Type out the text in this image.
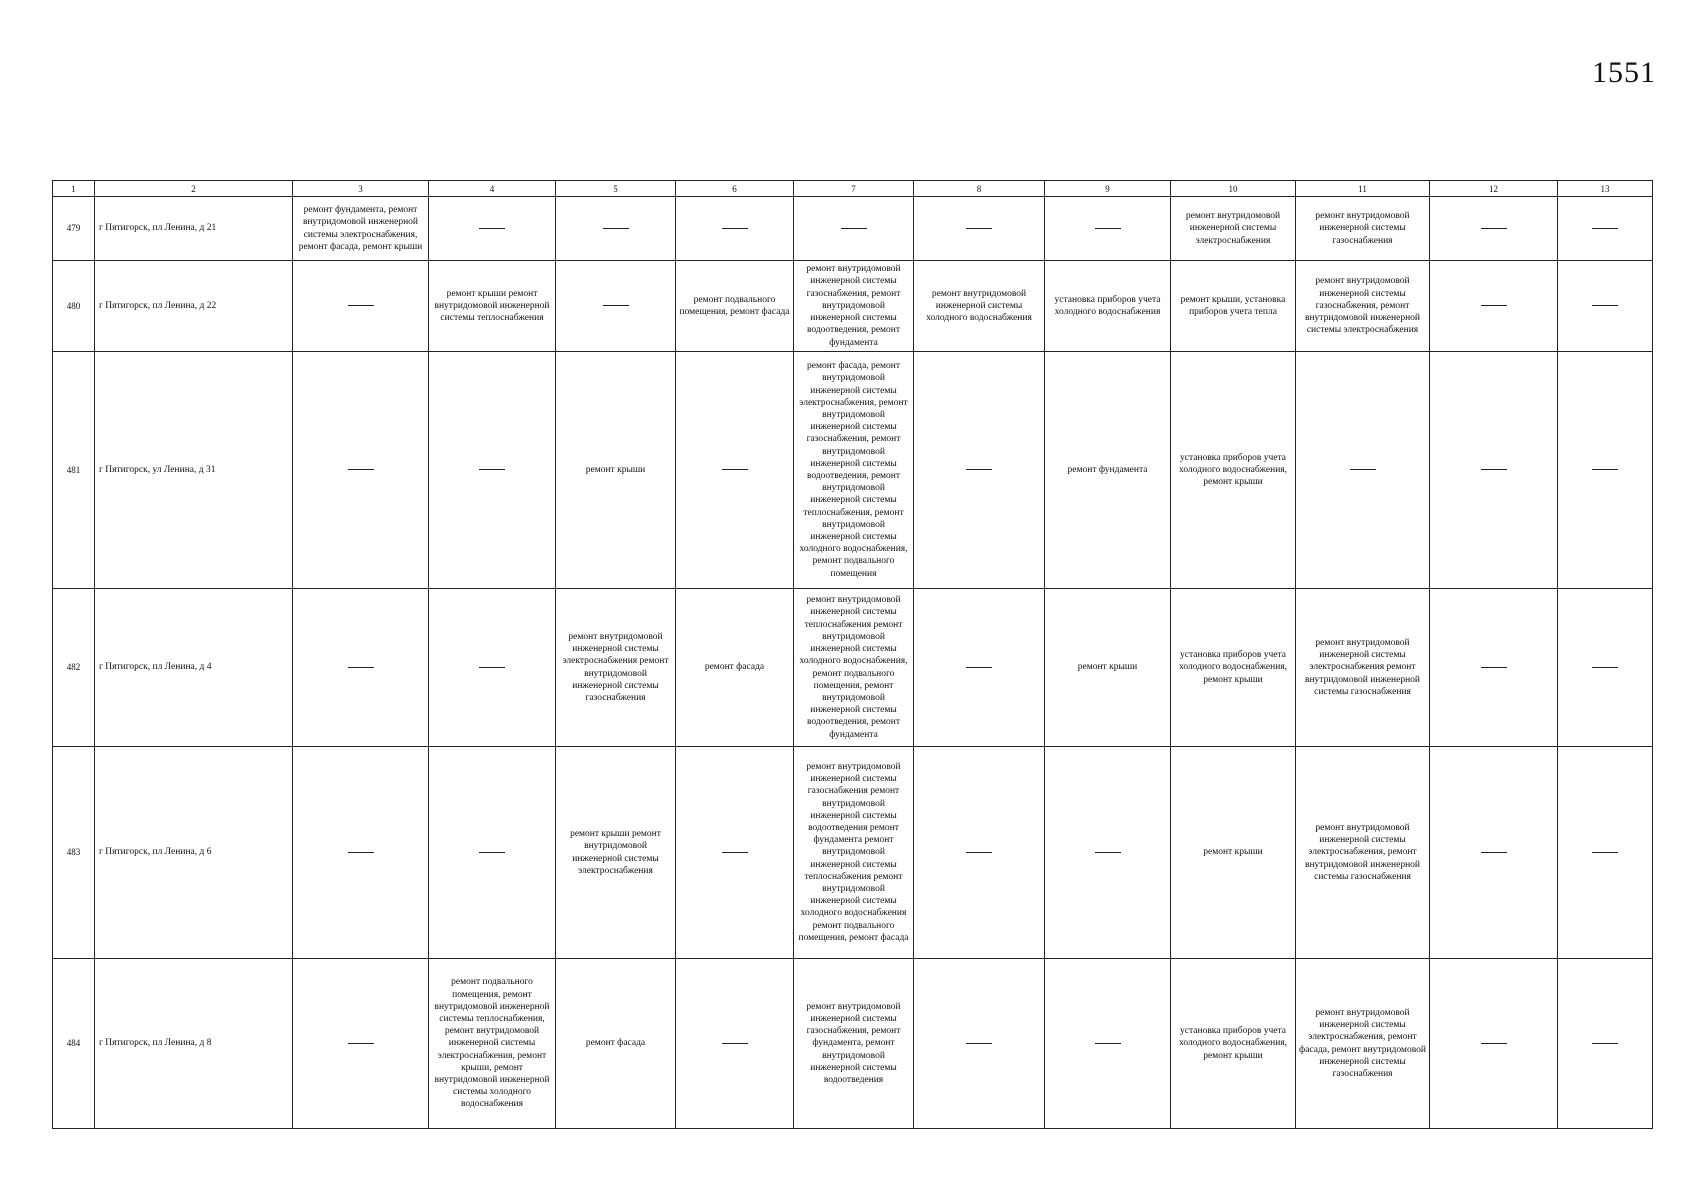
1551
1	2	3	4	5	6	7	8	9	10	11	12	13
479	г Пятигорск, пл Ленина, д 21	ремонт фундамента, ремонт внутридомовой инженерной системы электроснабжения, ремонт фасада, ремонт крыши							ремонт внутридомовой инженерной системы электроснабжения	ремонт внутридомовой инженерной системы газоснабжения		
480	г Пятигорск, пл Ленина, д 22		ремонт крыши ремонт внутридомовой инженерной системы теплоснабжения		ремонт подвального помещения, ремонт фасада	ремонт внутридомовой инженерной системы газоснабжения, ремонт внутридомовой инженерной системы водоотведения, ремонт фундамента	ремонт внутридомовой инженерной системы холодного водоснабжения	установка приборов учета холодного водоснабжения	ремонт крыши, установка приборов учета тепла	ремонт внутридомовой инженерной системы газоснабжения, ремонт внутридомовой инженерной системы электроснабжения		
481	г Пятигорск, ул Ленина, д 31			ремонт крыши		ремонт фасада, ремонт внутридомовой инженерной системы электроснабжения, ремонт внутридомовой инженерной системы газоснабжения, ремонт внутридомовой инженерной системы водоотведения, ремонт внутридомовой инженерной системы теплоснабжения, ремонт внутридомовой инженерной системы холодного водоснабжения, ремонт подвального помещения		ремонт фундамента	установка приборов учета холодного водоснабжения, ремонт крыши			
482	г Пятигорск, пл Ленина, д 4			ремонт внутридомовой инженерной системы электроснабжения ремонт внутридомовой инженерной системы газоснабжения	ремонт фасада	ремонт внутридомовой инженерной системы теплоснабжения ремонт внутридомовой инженерной системы холодного водоснабжения, ремонт подвального помещения, ремонт внутридомовой инженерной системы водоотведения, ремонт фундамента		ремонт крыши	установка приборов учета холодного водоснабжения, ремонт крыши	ремонт внутридомовой инженерной системы электроснабжения ремонт внутридомовой инженерной системы газоснабжения		
483	г Пятигорск, пл Ленина, д 6			ремонт крыши ремонт внутридомовой инженерной системы электроснабжения		ремонт внутридомовой инженерной системы газоснабжения ремонт внутридомовой инженерной системы водоотведения ремонт фундамента ремонт внутридомовой инженерной системы теплоснабжения ремонт внутридомовой инженерной системы холодного водоснабжения ремонт подвального помещения, ремонт фасада			ремонт крыши	ремонт внутридомовой инженерной системы электроснабжения, ремонт внутридомовой инженерной системы газоснабжения		
484	г Пятигорск, пл Ленина, д 8		ремонт подвального помещения, ремонт внутридомовой инженерной системы теплоснабжения, ремонт внутридомовой инженерной системы электроснабжения, ремонт крыши, ремонт внутридомовой инженерной системы холодного водоснабжения	ремонт фасада		ремонт внутридомовой инженерной системы газоснабжения, ремонт фундамента, ремонт внутридомовой инженерной системы водоотведения			установка приборов учета холодного водоснабжения, ремонт крыши	ремонт внутридомовой инженерной системы электроснабжения, ремонт фасада, ремонт внутридомовой инженерной системы газоснабжения		
